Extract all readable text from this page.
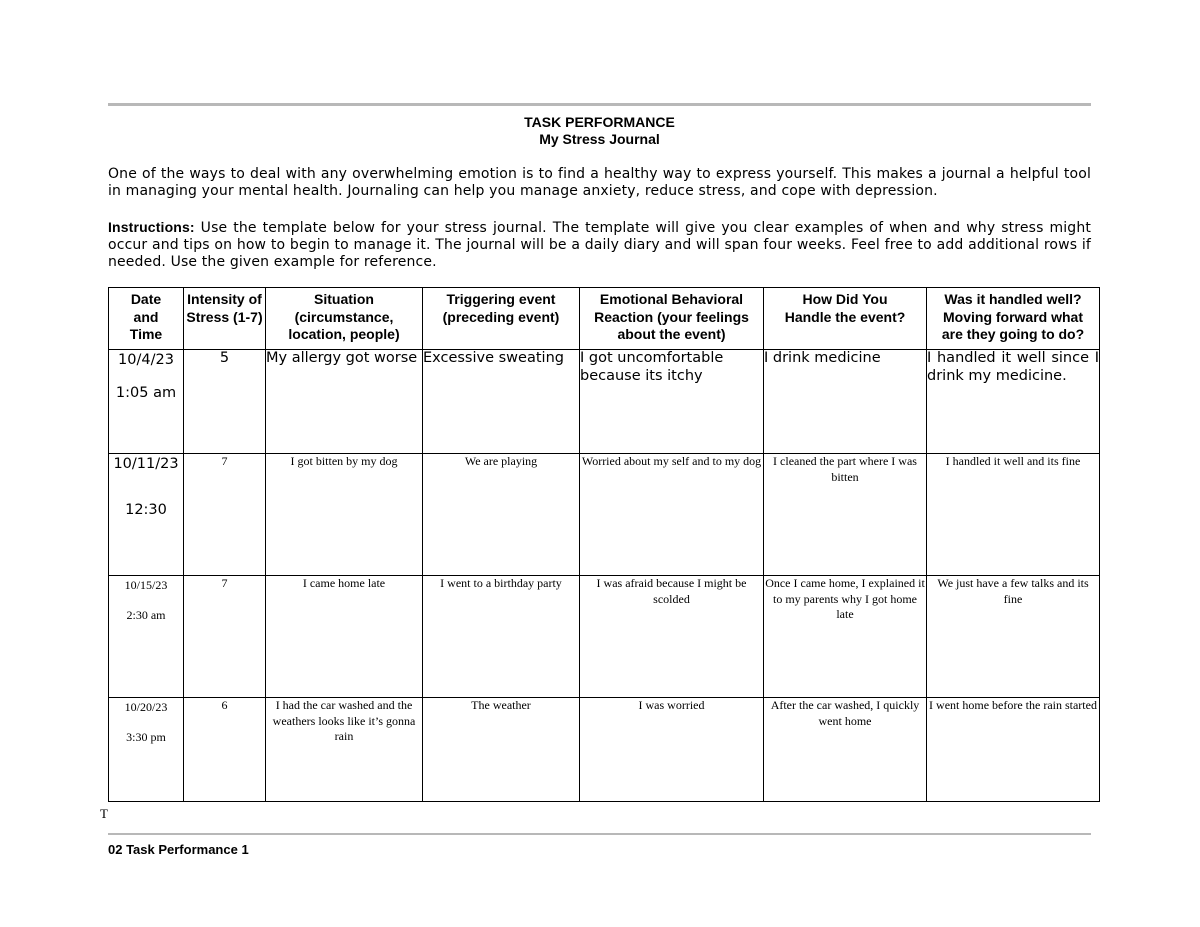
TASK PERFORMANCE
My Stress Journal
One of the ways to deal with any overwhelming emotion is to find a healthy way to express yourself. This makes a journal a helpful tool in managing your mental health. Journaling can help you manage anxiety, reduce stress, and cope with depression.
Instructions: Use the template below for your stress journal. The template will give you clear examples of when and why stress might occur and tips on how to begin to manage it. The journal will be a daily diary and will span four weeks. Feel free to add additional rows if needed. Use the given example for reference.
Date and Time	Intensity of Stress (1-7)	Situation (circumstance, location, people)	Triggering event (preceding event)	Emotional Behavioral Reaction (your feelings about the event)	How Did You Handle the event?	Was it handled well? Moving forward what are they going to do?

10/4/23
1:05 am	5	My allergy got worse	Excessive sweating	I got uncomfortable because its itchy	I drink medicine	I handled it well since I drink my medicine.

10/11/23
12:30	7	I got bitten by my dog	We are playing	Worried about my self and to my dog	I cleaned the part where I was bitten	I handled it well and its fine

10/15/23
2:30 am	7	I came home late	I went to a birthday party	I was afraid because I might be scolded	Once I came home, I explained it to my parents why I got home late	We just have a few talks and its fine

10/20/23
3:30 pm	6	I had the car washed and the weathers looks like it’s gonna rain	The weather	I was worried	After the car washed, I quickly went home	I went home before the rain started
T
02 Task Performance 1
